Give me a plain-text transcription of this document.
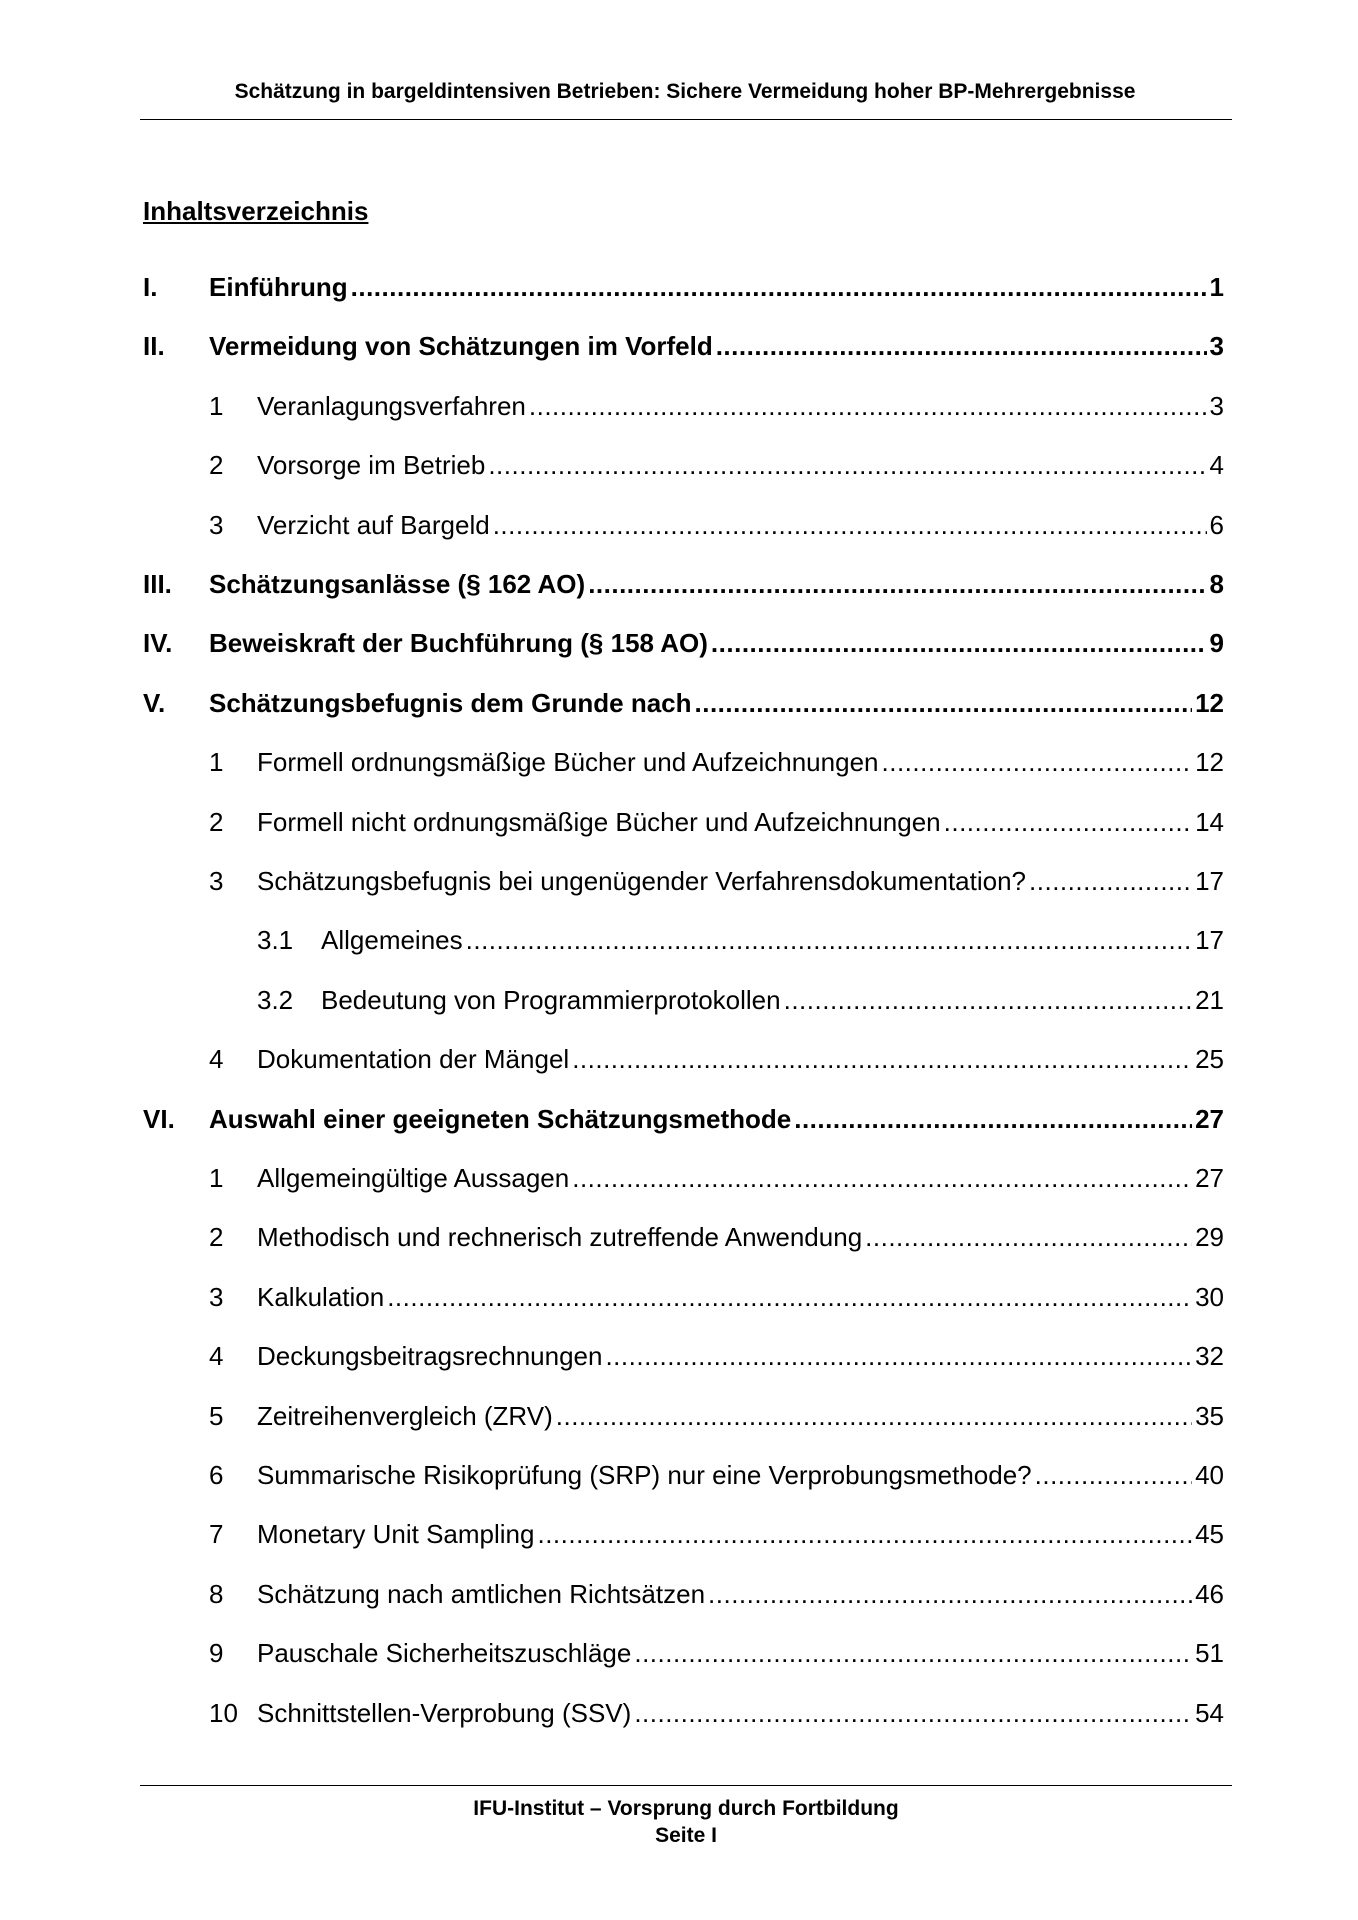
Schätzung in bargeldintensiven Betrieben: Sichere Vermeidung hoher BP-Mehrergebnisse
Inhaltsverzeichnis
I.	Einführung .....	1
II.	Vermeidung von Schätzungen im Vorfeld .....	3
1	Veranlagungsverfahren .....	3
2	Vorsorge im Betrieb .....	4
3	Verzicht auf Bargeld .....	6
III.	Schätzungsanlässe (§ 162 AO) .....	8
IV.	Beweiskraft der Buchführung (§ 158 AO) .....	9
V.	Schätzungsbefugnis dem Grunde nach .....	12
1	Formell ordnungsmäßige Bücher und Aufzeichnungen .....	12
2	Formell nicht ordnungsmäßige Bücher und Aufzeichnungen .....	14
3	Schätzungsbefugnis bei ungenügender Verfahrensdokumentation? .....	17
3.1	Allgemeines .....	17
3.2	Bedeutung von Programmierprotokollen .....	21
4	Dokumentation der Mängel .....	25
VI.	Auswahl einer geeigneten Schätzungsmethode .....	27
1	Allgemeingültige Aussagen .....	27
2	Methodisch und rechnerisch zutreffende Anwendung .....	29
3	Kalkulation .....	30
4	Deckungsbeitragsrechnungen .....	32
5	Zeitreihenvergleich (ZRV) .....	35
6	Summarische Risikoprüfung (SRP) nur eine Verprobungsmethode? .....	40
7	Monetary Unit Sampling .....	45
8	Schätzung nach amtlichen Richtsätzen .....	46
9	Pauschale Sicherheitszuschläge .....	51
10 Schnittstellen-Verprobung (SSV) .....	54
IFU-Institut – Vorsprung durch Fortbildung
Seite I
